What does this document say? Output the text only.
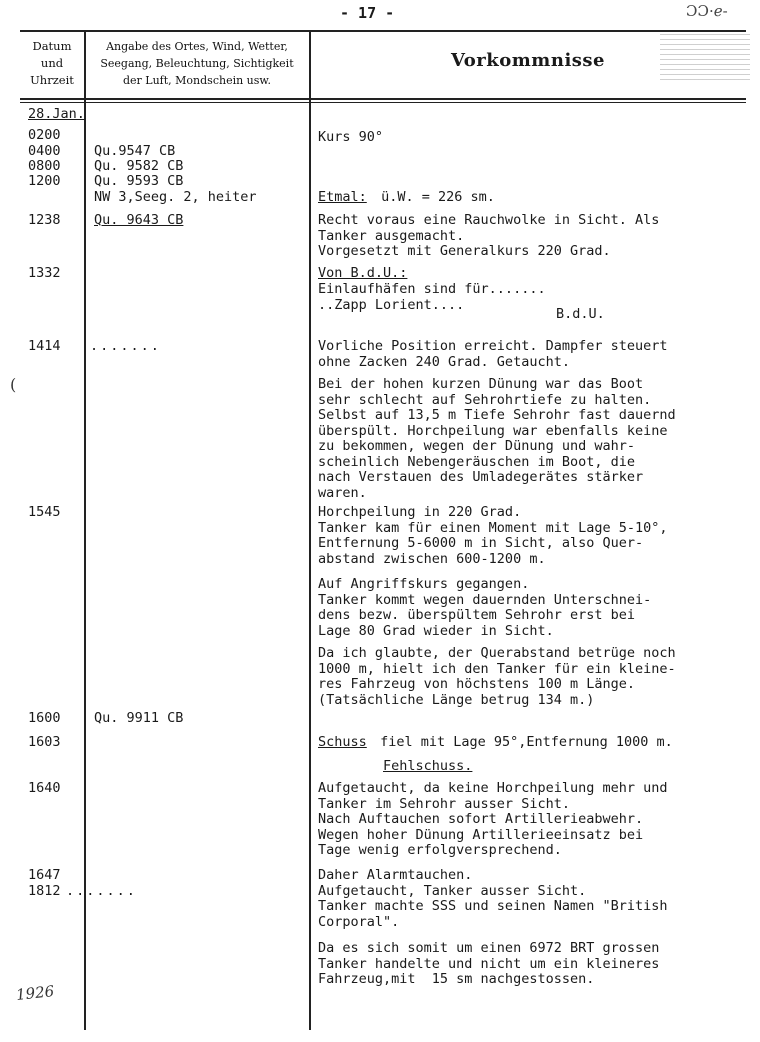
- 17 -	ƆƆ·ℯ‑
Datum
und
Uhrzeit
Angabe des Ortes, Wind, Wetter,
Seegang, Beleuchtung, Sichtigkeit
der Luft, Mondschein usw.
Vorkommnisse
28.Jan.
0200
0400
0800
1200
1238
1332
1414 .......
1545
1600
1603
1640
1647
1812 .......
Qu.9547 CB
Qu. 9582 CB
Qu. 9593 CB
NW 3,Seeg. 2, heiter
Qu. 9643 CB
Qu. 9911 CB
Kurs 90°
Etmal: ü.W. = 226 sm.
Recht voraus eine Rauchwolke in Sicht. Als
Tanker ausgemacht.
Vorgesetzt mit Generalkurs 220 Grad.
Von B.d.U.:
Einlaufhäfen sind für.......
..Zapp Lorient....
B.d.U.
Vorliche Position erreicht. Dampfer steuert
ohne Zacken 240 Grad. Getaucht.
Bei der hohen kurzen Dünung war das Boot
sehr schlecht auf Sehrohrtiefe zu halten.
Selbst auf 13,5 m Tiefe Sehrohr fast dauernd
überspült. Horchpeilung war ebenfalls keine
zu bekommen, wegen der Dünung und wahr-
scheinlich Nebengeräuschen im Boot, die
nach Verstauen des Umladegerätes stärker
waren.
Horchpeilung in 220 Grad.
Tanker kam für einen Moment mit Lage 5-10°,
Entfernung 5-6000 m in Sicht, also Quer-
abstand zwischen 600-1200 m.
Auf Angriffskurs gegangen.
Tanker kommt wegen dauernden Unterschnei-
dens bezw. überspültem Sehrohr erst bei
Lage 80 Grad wieder in Sicht.
Da ich glaubte, der Querabstand betrüge noch
1000 m, hielt ich den Tanker für ein kleine-
res Fahrzeug von höchstens 100 m Länge.
(Tatsächliche Länge betrug 134 m.)
Schuss fiel mit Lage 95°,Entfernung 1000 m.
Fehlschuss.
Aufgetaucht, da keine Horchpeilung mehr und
Tanker im Sehrohr ausser Sicht.
Nach Auftauchen sofort Artillerieabwehr.
Wegen hoher Dünung Artillerieeinsatz bei
Tage wenig erfolgversprechend.
Daher Alarmtauchen.
Aufgetaucht, Tanker ausser Sicht.
Tanker machte SSS und seinen Namen "British
Corporal".
Da es sich somit um einen 6972 BRT grossen
Tanker handelte und nicht um ein kleineres
Fahrzeug,mit  15 sm nachgestossen.
1926
(
